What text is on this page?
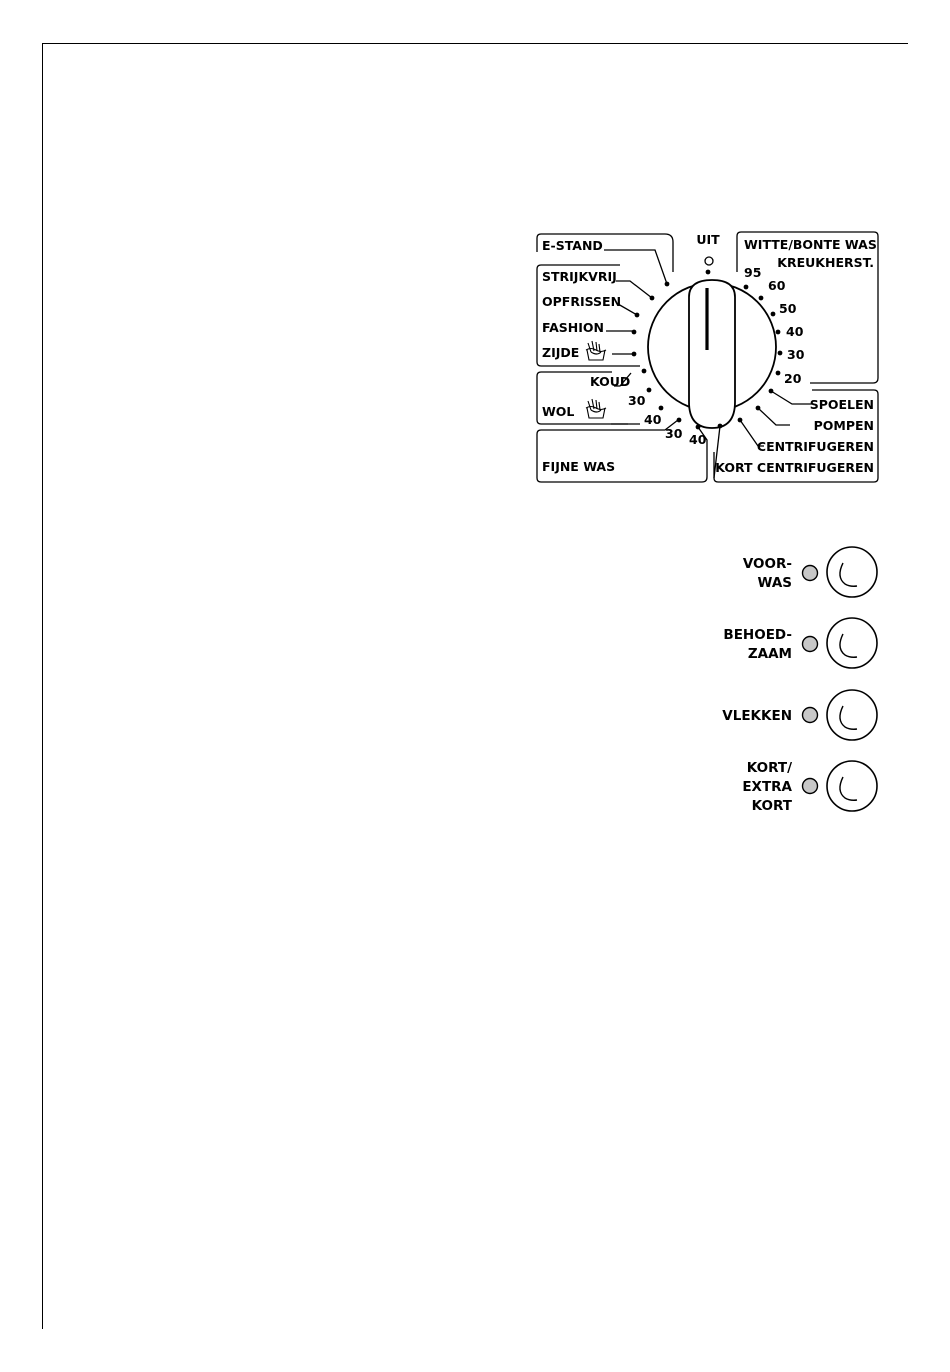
UIT
E-STAND
STRIJKVRIJ
OPFRISSEN
FASHION
ZIJDE
KOUD
WOL
30
40
30 40
FIJNE WAS
WITTE/BONTE WAS
KREUKHERST.
95
60
50
40
30
20
SPOELEN
POMPEN
CENTRIFUGEREN
KORT CENTRIFUGEREN
VOOR-
WAS
BEHOED-
ZAAM
VLEKKEN
KORT/
EXTRA
KORT
